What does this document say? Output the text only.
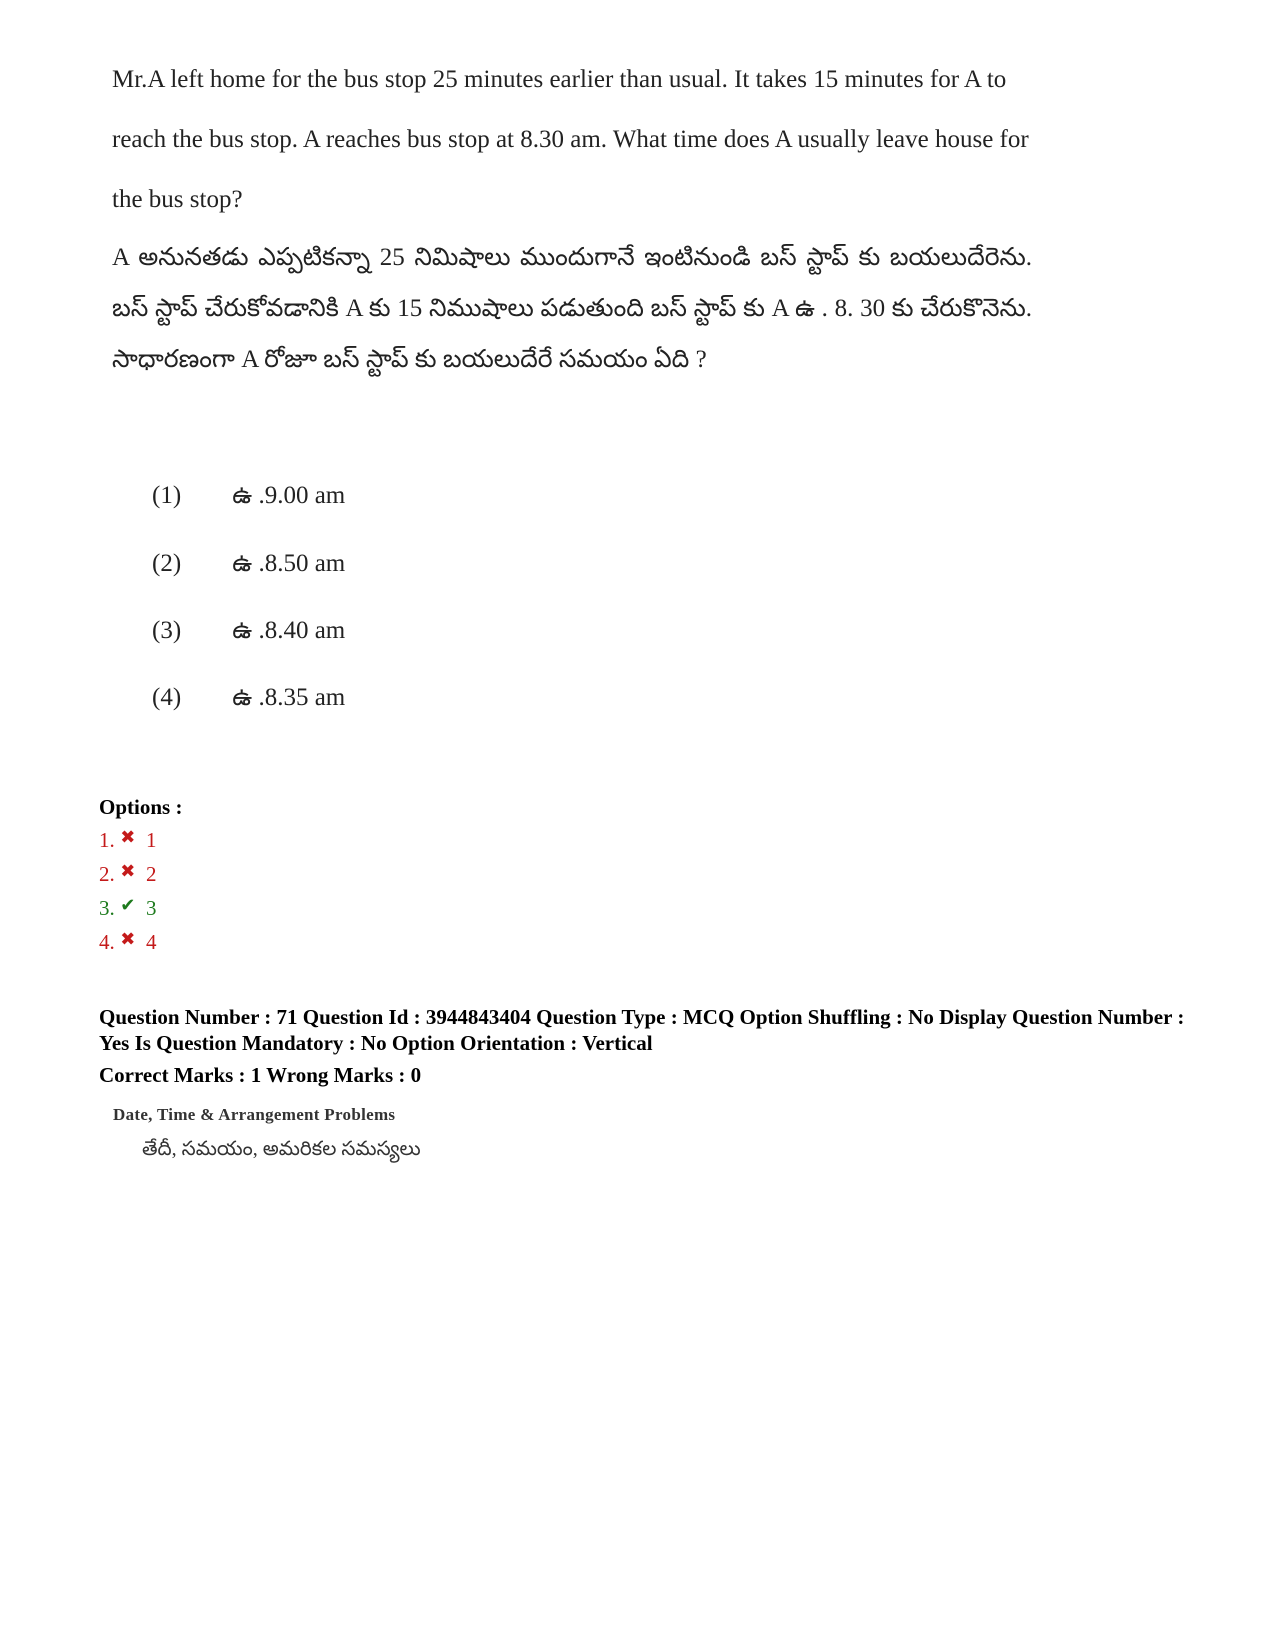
Mr.A left home for the bus stop 25 minutes earlier than usual. It takes 15 minutes for A to reach the bus stop. A reaches bus stop at 8.30 am. What time does A usually leave house for the bus stop?
A అనునతడు ఎప్పటికన్నా 25 నిమిషాలు ముందుగానే ఇంటినుండి బస్ స్టాప్ కు బయలుదేరెను. బస్ స్టాప్ చేరుకోవడానికి A కు 15 నిముషాలు పడుతుంది బస్ స్టాప్ కు A ఉ . 8. 30 కు చేరుకొనెను. సాధారణంగా A రోజూ బస్ స్టాప్ కు బయలుదేరే సమయం ఏది ?
(1) ఉ .9.00 am
(2) ఉ .8.50 am
(3) ఉ .8.40 am
(4) ఉ .8.35 am
Options :
1. ✖ 1
2. ✖ 2
3. ✔ 3
4. ✖ 4
Question Number : 71 Question Id : 3944843404 Question Type : MCQ Option Shuffling : No Display Question Number : Yes Is Question Mandatory : No Option Orientation : Vertical
Correct Marks : 1 Wrong Marks : 0
Date, Time & Arrangement Problems
తేదీ, సమయం, అమరికల సమస్యలు
